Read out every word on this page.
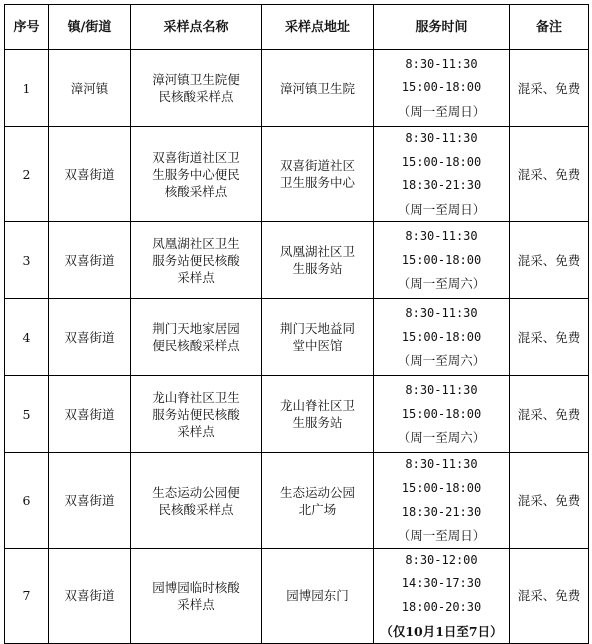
序号	镇/街道	采样点名称	采样点地址	服务时间	备注
1	漳河镇	漳河镇卫生院便
民核酸采样点	漳河镇卫生院	8:30-11:30
15:00-18:00
（周一至周日）	混采、免费
2	双喜街道	双喜街道社区卫
生服务中心便民
核酸采样点	双喜街道社区
卫生服务中心	8:30-11:30
15:00-18:00
18:30-21:30
（周一至周日）	混采、免费
3	双喜街道	凤凰湖社区卫生
服务站便民核酸
采样点	凤凰湖社区卫
生服务站	8:30-11:30
15:00-18:00
（周一至周六）	混采、免费
4	双喜街道	荆门天地家居园
便民核酸采样点	荆门天地益同
堂中医馆	8:30-11:30
15:00-18:00
（周一至周六）	混采、免费
5	双喜街道	龙山脊社区卫生
服务站便民核酸
采样点	龙山脊社区卫
生服务站	8:30-11:30
15:00-18:00
（周一至周六）	混采、免费
6	双喜街道	生态运动公园便
民核酸采样点	生态运动公园
北广场	8:30-11:30
15:00-18:00
18:30-21:30
（周一至周日）	混采、免费
7	双喜街道	园博园临时核酸
采样点	园博园东门	8:30-12:00
14:30-17:30
18:00-20:30
（仅10月1日至7日）	混采、免费
